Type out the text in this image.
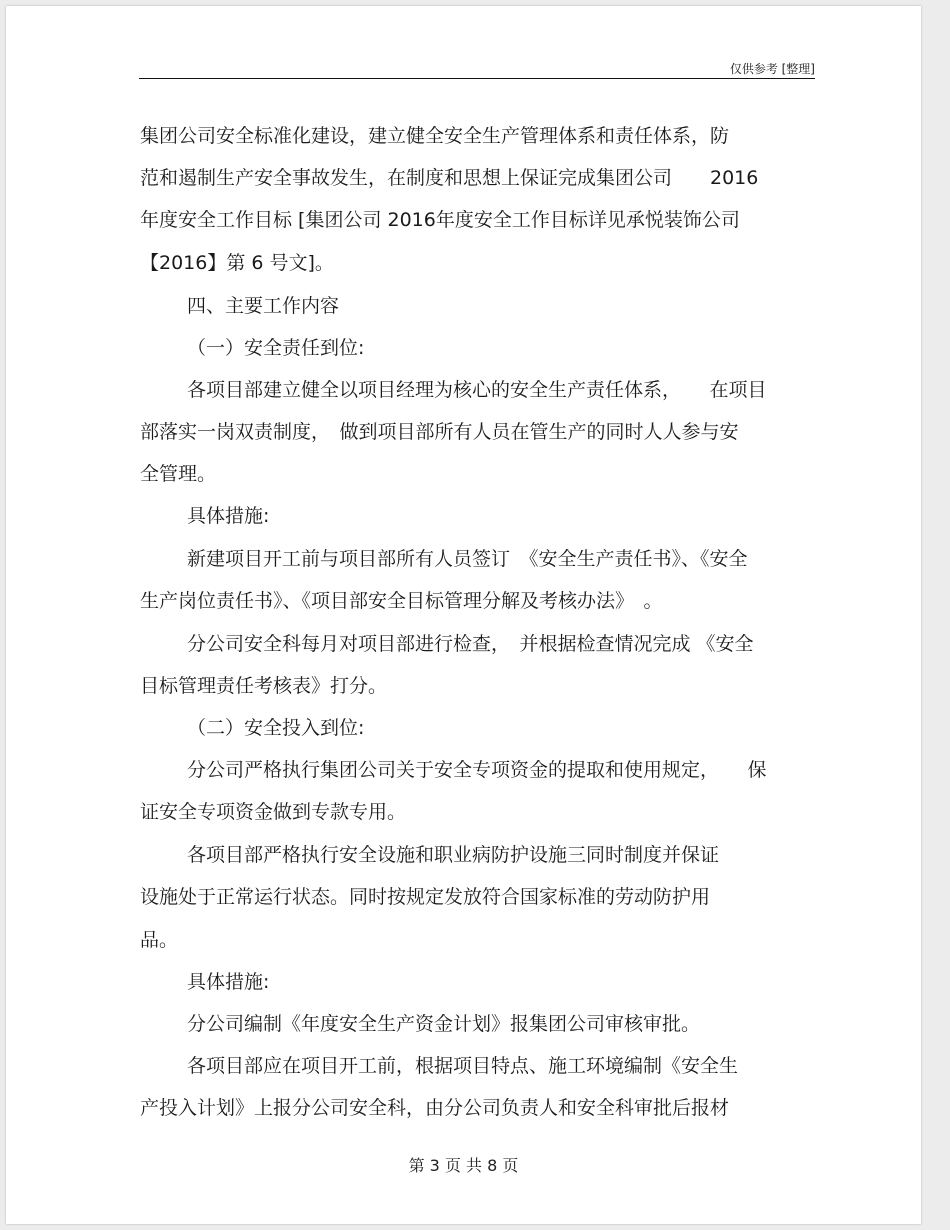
仅供参考 [整理]
集团公司安全标准化建设，建立健全安全生产管理体系和责任体系，防
范和遏制生产安全事故发生，在制度和思想上保证完成集团公司　　2016
年度安全工作目标 [集团公司 2016年度安全工作目标详见承悦装饰公司
【2016】第 6 号文]。
四、主要工作内容
（一）安全责任到位:
各项目部建立健全以项目经理为核心的安全生产责任体系，　　在项目
部落实一岗双责制度，　做到项目部所有人员在管生产的同时人人参与安
全管理。
具体措施:
新建项目开工前与项目部所有人员签订　《安全生产责任书》、《安全
生产岗位责任书》、《项目部安全目标管理分解及考核办法》　。
分公司安全科每月对项目部进行检查，　并根据检查情况完成 《安全
目标管理责任考核表》打分。
（二）安全投入到位:
分公司严格执行集团公司关于安全专项资金的提取和使用规定，　　保
证安全专项资金做到专款专用。
各项目部严格执行安全设施和职业病防护设施三同时制度并保证
设施处于正常运行状态。同时按规定发放符合国家标准的劳动防护用
品。
具体措施:
分公司编制《年度安全生产资金计划》报集团公司审核审批。
各项目部应在项目开工前，根据项目特点、施工环境编制《安全生
产投入计划》上报分公司安全科，由分公司负责人和安全科审批后报材
第 3 页 共 8 页
